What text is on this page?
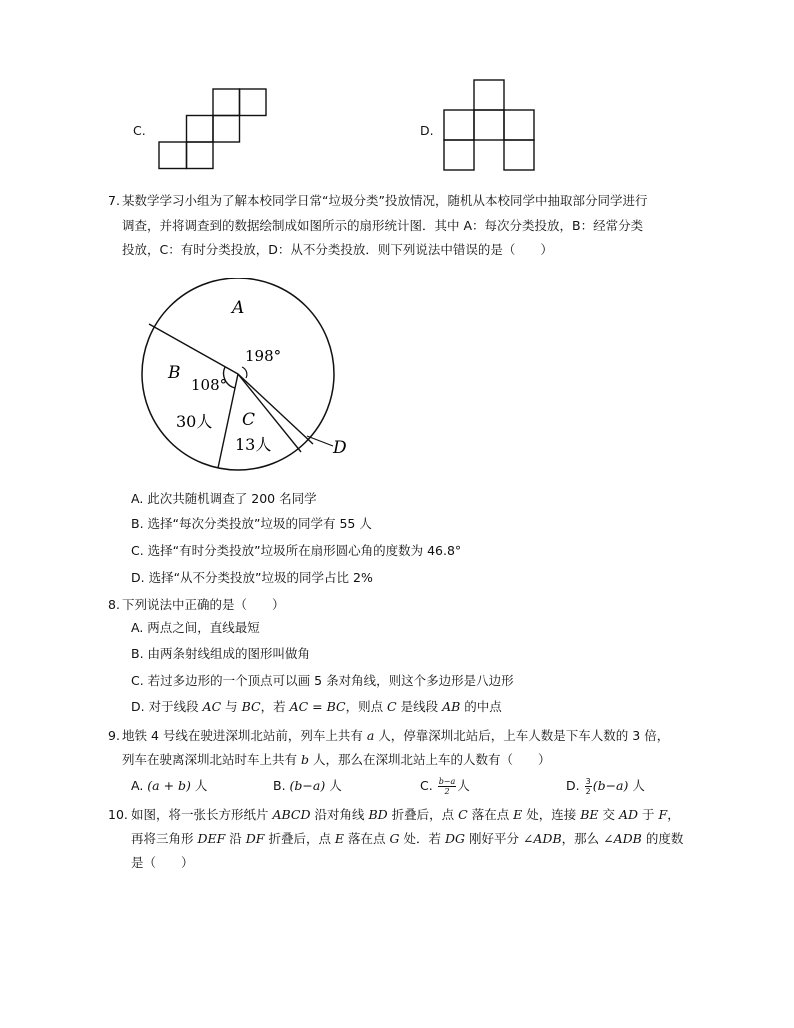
C.	D.
7. 某数学学习小组为了解本校同学日常“垃圾分类”投放情况，随机从本校同学中抽取部分同学进行
调查，并将调查到的数据绘制成如图所示的扇形统计图．其中 A：每次分类投放，B：经常分类
投放，C：有时分类投放，D：从不分类投放．则下列说法中错误的是（　　）
A
B
C
D
198°
108°
30人
13人
A. 此次共随机调查了 200 名同学
B. 选择“每次分类投放”垃圾的同学有 55 人
C. 选择“有时分类投放”垃圾所在扇形圆心角的度数为 46.8°
D. 选择“从不分类投放”垃圾的同学占比 2%
8. 下列说法中正确的是（　　）
A. 两点之间，直线最短
B. 由两条射线组成的图形叫做角
C. 若过多边形的一个顶点可以画 5 条对角线，则这个多边形是八边形
D. 对于线段 AC 与 BC，若 AC = BC，则点 C 是线段 AB 的中点
9. 地铁 4 号线在驶进深圳北站前，列车上共有 a 人，停靠深圳北站后，上车人数是下车人数的 3 倍，
列车在驶离深圳北站时车上共有 b 人，那么在深圳北站上车的人数有（　　）
A. (a + b) 人	B. (b−a) 人	C. $\frac{b-a}{2}$ 人	D. $\frac{3}{2} (b-a)$ 人
10. 如图，将一张长方形纸片 ABCD 沿对角线 BD 折叠后，点 C 落在点 E 处，连接 BE 交 AD 于 F，
再将三角形 DEF 沿 DF 折叠后，点 E 落在点 G 处．若 DG 刚好平分 ∠ADB，那么 ∠ADB 的度数
是（　　）
